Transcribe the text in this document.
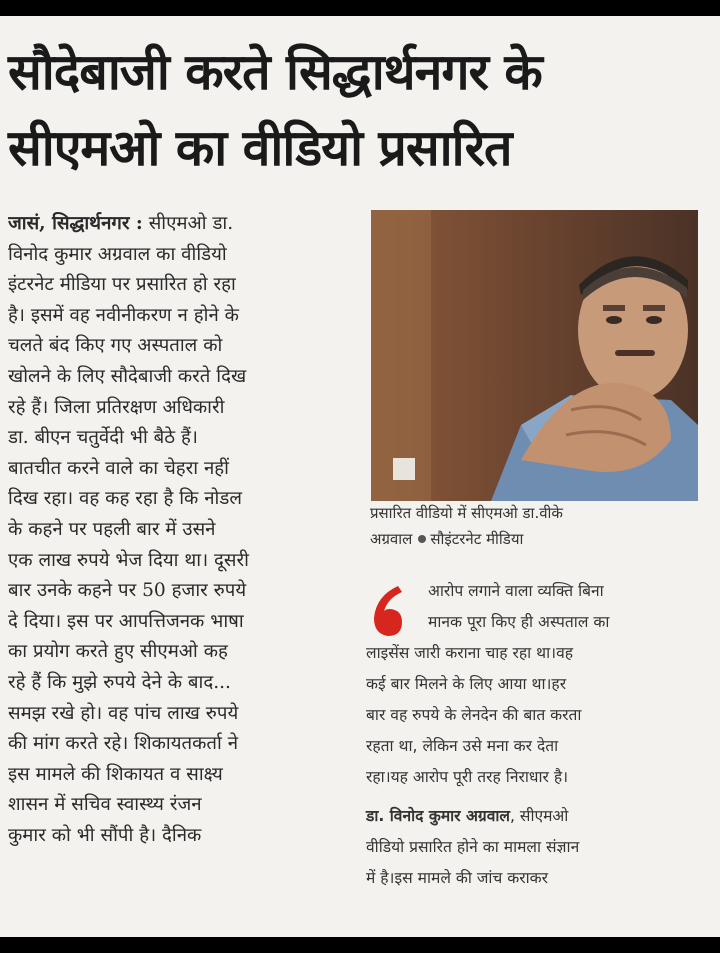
सौदेबाजी करते सिद्धार्थनगर के
सीएमओ का वीडियो प्रसारित
जासं, सिद्धार्थनगर : सीएमओ डा.
विनोद कुमार अग्रवाल का वीडियो
इंटरनेट मीडिया पर प्रसारित हो रहा
है। इसमें वह नवीनीकरण न होने के
चलते बंद किए गए अस्पताल को
खोलने के लिए सौदेबाजी करते दिख
रहे हैं। जिला प्रतिरक्षण अधिकारी
डा. बीएन चतुर्वेदी भी बैठे हैं।
बातचीत करने वाले का चेहरा नहीं
दिख रहा। वह कह रहा है कि नोडल
के कहने पर पहली बार में उसने
एक लाख रुपये भेज दिया था। दूसरी
बार उनके कहने पर 50 हजार रुपये
दे दिया। इस पर आपत्तिजनक भाषा
का प्रयोग करते हुए सीएमओ कह
रहे हैं कि मुझे रुपये देने के बाद...
समझ रखे हो। वह पांच लाख रुपये
की मांग करते रहे। शिकायतकर्ता ने
इस मामले की शिकायत व साक्ष्य
शासन में सचिव स्वास्थ्य रंजन
कुमार को भी सौंपी है। दैनिक
प्रसारित वीडियो में सीएमओ डा.वीके
अग्रवाल सौइंटरनेट मीडिया
आरोप लगाने वाला व्यक्ति बिना
मानक पूरा किए ही अस्पताल का
लाइसेंस जारी कराना चाह रहा था।वह
कई बार मिलने के लिए आया था।हर
बार वह रुपये के लेनदेन की बात करता
रहता था, लेकिन उसे मना कर देता
रहा।यह आरोप पूरी तरह निराधार है।
डा. विनोद कुमार अग्रवाल, सीएमओ
वीडियो प्रसारित होने का मामला संज्ञान
में है।इस मामले की जांच कराकर
